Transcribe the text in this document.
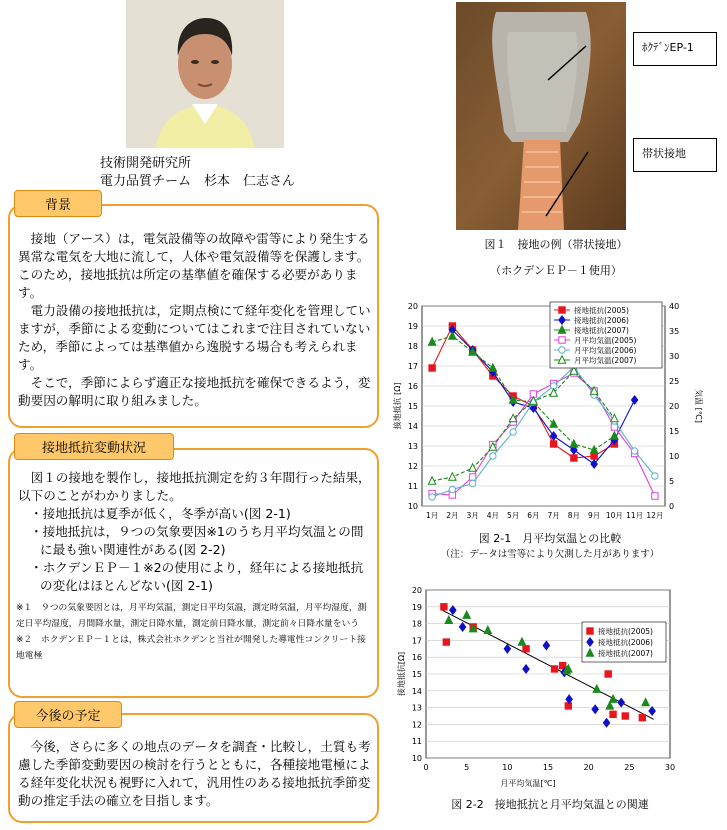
技術開発研究所
電力品質チーム　杉本　仁志さん
背景

接地（アース）は，電気設備等の故障や雷等により発生する異常な電気を大地に流して，人体や電気設備等を保護します。このため，接地抵抗は所定の基準値を確保する必要があります。

電力設備の接地抵抗は，定期点検にて経年変化を管理していますが，季節による変動についてはこれまで注目されていないため，季節によっては基準値から逸脱する場合も考えられます。

そこで，季節によらず適正な接地抵抗を確保できるよう，変動要因の解明に取り組みました。

接地抵抗変動状況

図１の接地を製作し，接地抵抗測定を約３年間行った結果，以下のことがわかりました。

・接地抵抗は夏季が低く，冬季が高い(図 2-1)

・接地抵抗は，９つの気象要因※1のうち月平均気温との間に最も強い関連性がある(図 2-2)

・ホクデンＥＰ－１※2の使用により，経年による接地抵抗の変化はほとんどない(図 2-1)

※１　９つの気象要因とは，月平均気温，測定日平均気温，測定時気温，月平均湿度，測定日平均湿度，月間降水量，測定日降水量，測定前日降水量，測定前々日降水量をいう

※２　ホクデンＥＰ－１とは，株式会社ホクデンと当社が開発した導電性コンクリート接地電極

今後の予定

今後，さらに多くの地点のデータを調査・比較し，土質も考慮した季節変動要因の検討を行うとともに，各種接地電極による経年変化状況も視野に入れて，汎用性のある接地抵抗季節変動の推定手法の確立を目指します。

ﾎｸﾃﾞﾝEP-1
帯状接地
図１　接地の例（帯状接地）
（ホクデンＥＰ－１使用）
10
11
12
13
14
15
16
17
18
19
20
0
5
10
15
20
25
30
35
40
1月 2月 3月 4月 5月 6月 7月 8月 9月 10月 11月 12月
接地抵抗 [Ω]	気温 [℃]
接地抵抗(2005)
接地抵抗(2006)
接地抵抗(2007)
月平均気温(2005)
月平均気温(2006)
月平均気温(2007)
図 2-1　月平均気温との比較
（注：データは雪等により欠測した月があります）
10
11
12
13
14
15
16
17
18
19
20
0	5	10	15	20	25	30
月平均気温[℃]
接地抵抗[Ω]
接地抵抗(2005)
接地抵抗(2006)
接地抵抗(2007)
図 2-2　接地抵抗と月平均気温との関連
